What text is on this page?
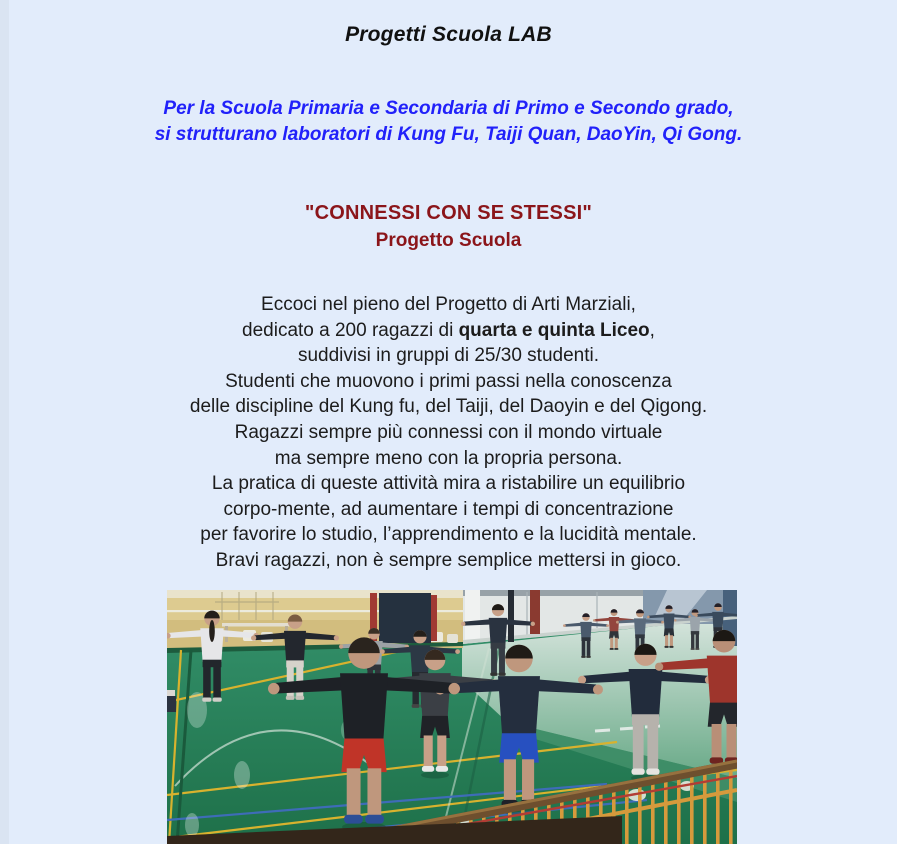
Progetti Scuola LAB
Per la Scuola Primaria e Secondaria di Primo e Secondo grado,
si strutturano laboratori di Kung Fu, Taiji Quan, DaoYin, Qi Gong.
"CONNESSI CON SE STESSI"
Progetto Scuola
Eccoci nel pieno del Progetto di Arti Marziali,
dedicato a 200 ragazzi di quarta e quinta Liceo,
suddivisi in gruppi di 25/30 studenti.
Studenti che muovono i primi passi nella conoscenza
delle discipline del Kung fu, del Taiji, del Daoyin e del Qigong.
Ragazzi sempre più connessi con il mondo virtuale
ma sempre meno con la propria persona.
La pratica di queste attività mira a ristabilire un equilibrio
corpo-mente, ad aumentare i tempi di concentrazione
per favorire lo studio, l’apprendimento e la lucidità mentale.
Bravi ragazzi, non è sempre semplice mettersi in gioco.
